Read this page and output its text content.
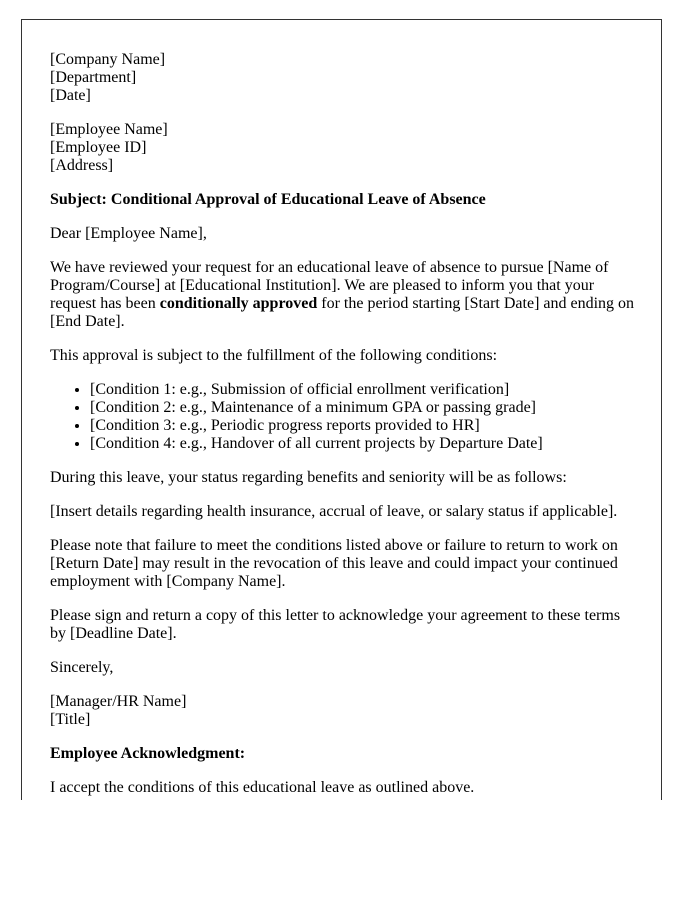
[Company Name]
[Department]
[Date]

[Employee Name]
[Employee ID]
[Address]

Subject: Conditional Approval of Educational Leave of Absence

Dear [Employee Name],

We have reviewed your request for an educational leave of absence to pursue [Name of Program/Course] at [Educational Institution]. We are pleased to inform you that your request has been conditionally approved for the period starting [Start Date] and ending on [End Date].

This approval is subject to the fulfillment of the following conditions:

• [Condition 1: e.g., Submission of official enrollment verification]
• [Condition 2: e.g., Maintenance of a minimum GPA or passing grade]
• [Condition 3: e.g., Periodic progress reports provided to HR]
• [Condition 4: e.g., Handover of all current projects by Departure Date]

During this leave, your status regarding benefits and seniority will be as follows:

[Insert details regarding health insurance, accrual of leave, or salary status if applicable].

Please note that failure to meet the conditions listed above or failure to return to work on [Return Date] may result in the revocation of this leave and could impact your continued employment with [Company Name].

Please sign and return a copy of this letter to acknowledge your agreement to these terms by [Deadline Date].

Sincerely,

[Manager/HR Name]
[Title]

Employee Acknowledgment:

I accept the conditions of this educational leave as outlined above.
